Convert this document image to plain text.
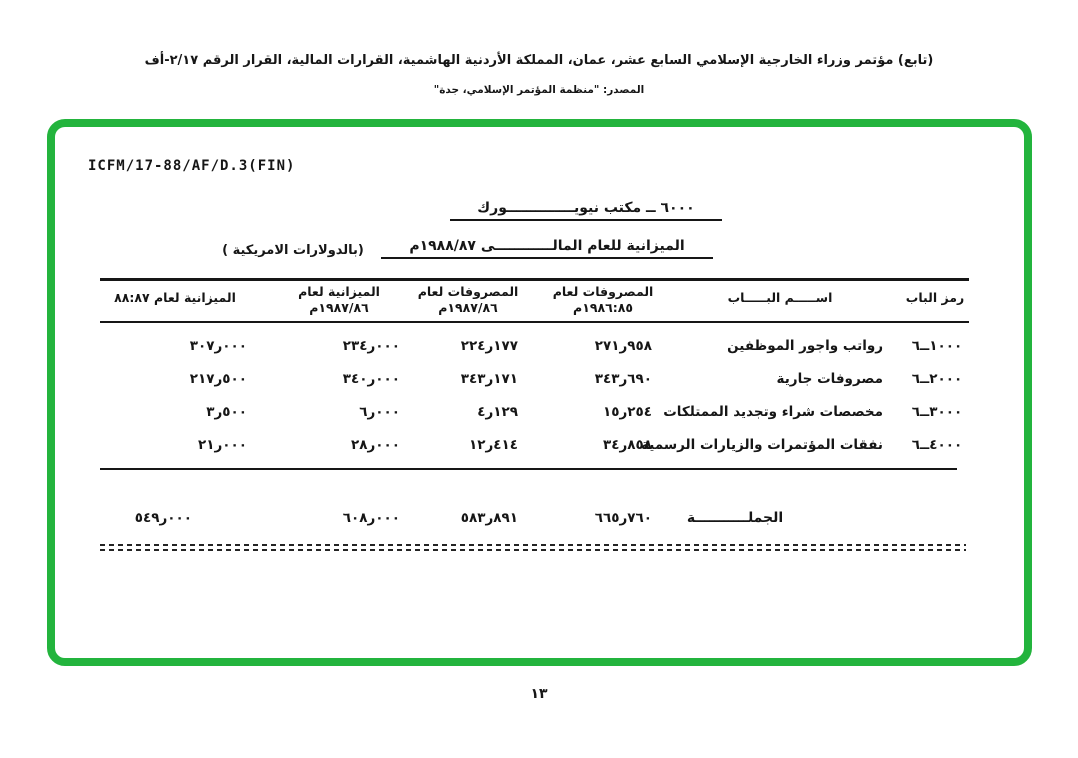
(تابع) مؤتمر وزراء الخارجية الإسلامي السابع عشر، عمان، المملكة الأردنية الهاشمية، القرارات المالية، القرار الرقم ٢/١٧-أف
المصدر: "منظمة المؤتمر الإسلامي، جدة"
ICFM/17-88/AF/D.3(FIN)
٦٠٠٠ ــ مكتب نيويــــــــــــــورك
الميزانية للعام المالــــــــــــى ١٩٨٨/٨٧م
(بالدولارات الامريكية )
رمز الباب
اســـــم البـــــاب
المصروفات لعام
١٩٨٦:٨٥م
المصروفات لعام
١٩٨٧/٨٦م
الميزانية لعام
١٩٨٧/٨٦م
الميزانية لعام ٨٨:٨٧
٦ــ١٠٠٠
رواتب واجور الموظفين
٢٧١ر٩٥٨
٢٢٤ر١٧٧
٢٣٤ر٠٠٠
٣٠٧ر٠٠٠
٦ــ٢٠٠٠
مصروفات جارية
٣٤٣ر٦٩٠
٣٤٣ر١٧١
٣٤٠ر٠٠٠
٢١٧ر٥٠٠
٦ــ٣٠٠٠
مخصصات شراء وتجديد الممتلكات
١٥ر٢٥٤
٤ر١٢٩
٦ر٠٠٠
٣ر٥٠٠
٦ــ٤٠٠٠
نفقات المؤتمرات والزيارات الرسمية
٣٤ر٨٥٨
١٢ر٤١٤
٢٨ر٠٠٠
٢١ر٠٠٠
الجملـــــــــــة
٦٦٥ر٧٦٠
٥٨٣ر٨٩١
٦٠٨ر٠٠٠
٥٤٩ر٠٠٠
١٣
